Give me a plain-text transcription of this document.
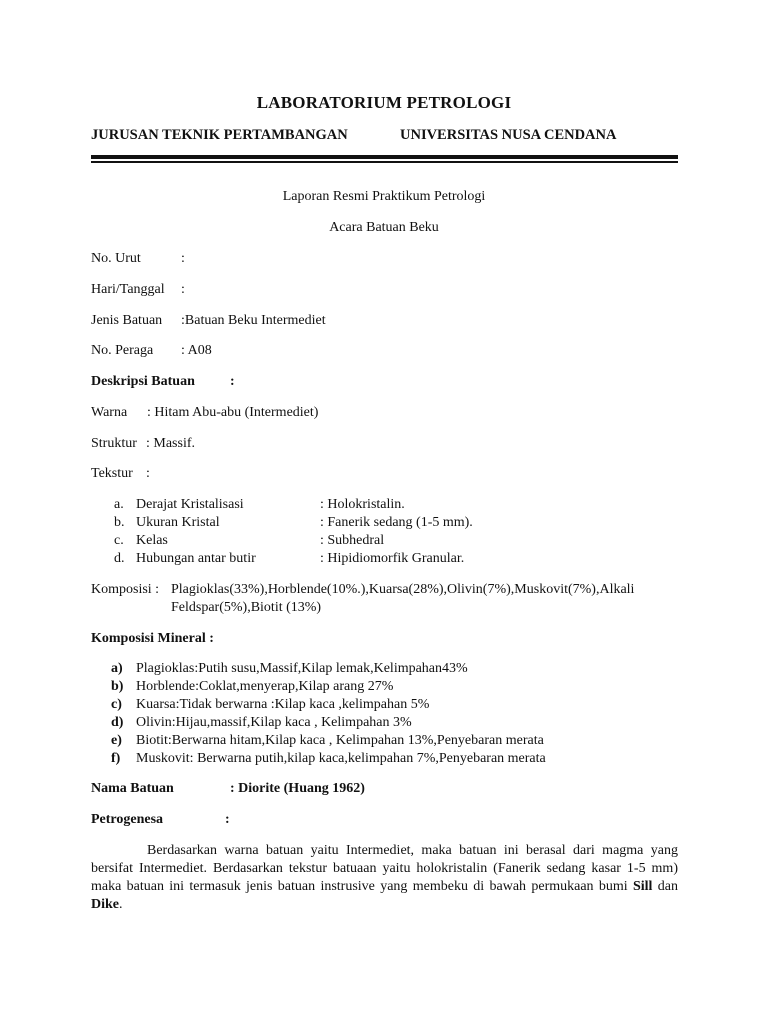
LABORATORIUM PETROLOGI
JURUSAN TEKNIK PERTAMBANGAN	UNIVERSITAS NUSA CENDANA
Laporan Resmi Praktikum Petrologi
Acara Batuan Beku
No. Urut	:
Hari/Tanggal :
Jenis Batuan :Batuan Beku Intermediet
No. Peraga : A08
Deskripsi Batuan	:
Warna : Hitam Abu-abu (Intermediet)
Struktur : Massif.
Tekstur :
a. Derajat Kristalisasi	: Holokristalin.
b. Ukuran Kristal	: Fanerik sedang (1-5 mm).
c. Kelas	: Subhedral
d. Hubungan antar butir	: Hipidiomorfik Granular.
Komposisi : Plagioklas(33%),Horblende(10%.),Kuarsa(28%),Olivin(7%),Muskovit(7%),Alkali
Feldspar(5%),Biotit (13%)
Komposisi Mineral :
a) Plagioklas:Putih susu,Massif,Kilap lemak,Kelimpahan43%
b) Horblende:Coklat,menyerap,Kilap arang 27%
c) Kuarsa:Tidak berwarna :Kilap kaca ,kelimpahan 5%
d) Olivin:Hijau,massif,Kilap kaca , Kelimpahan 3%
e) Biotit:Berwarna hitam,Kilap kaca , Kelimpahan 13%,Penyebaran merata
f) Muskovit: Berwarna putih,kilap kaca,kelimpahan 7%,Penyebaran merata
Nama Batuan	: Diorite (Huang 1962)
Petrogenesa	:
Berdasarkan warna batuan yaitu Intermediet, maka batuan ini berasal dari magma yang bersifat Intermediet. Berdasarkan tekstur batuaan yaitu holokristalin (Fanerik sedang kasar 1-5 mm) maka batuan ini termasuk jenis batuan instrusive yang membeku di bawah permukaan bumi Sill dan Dike.
